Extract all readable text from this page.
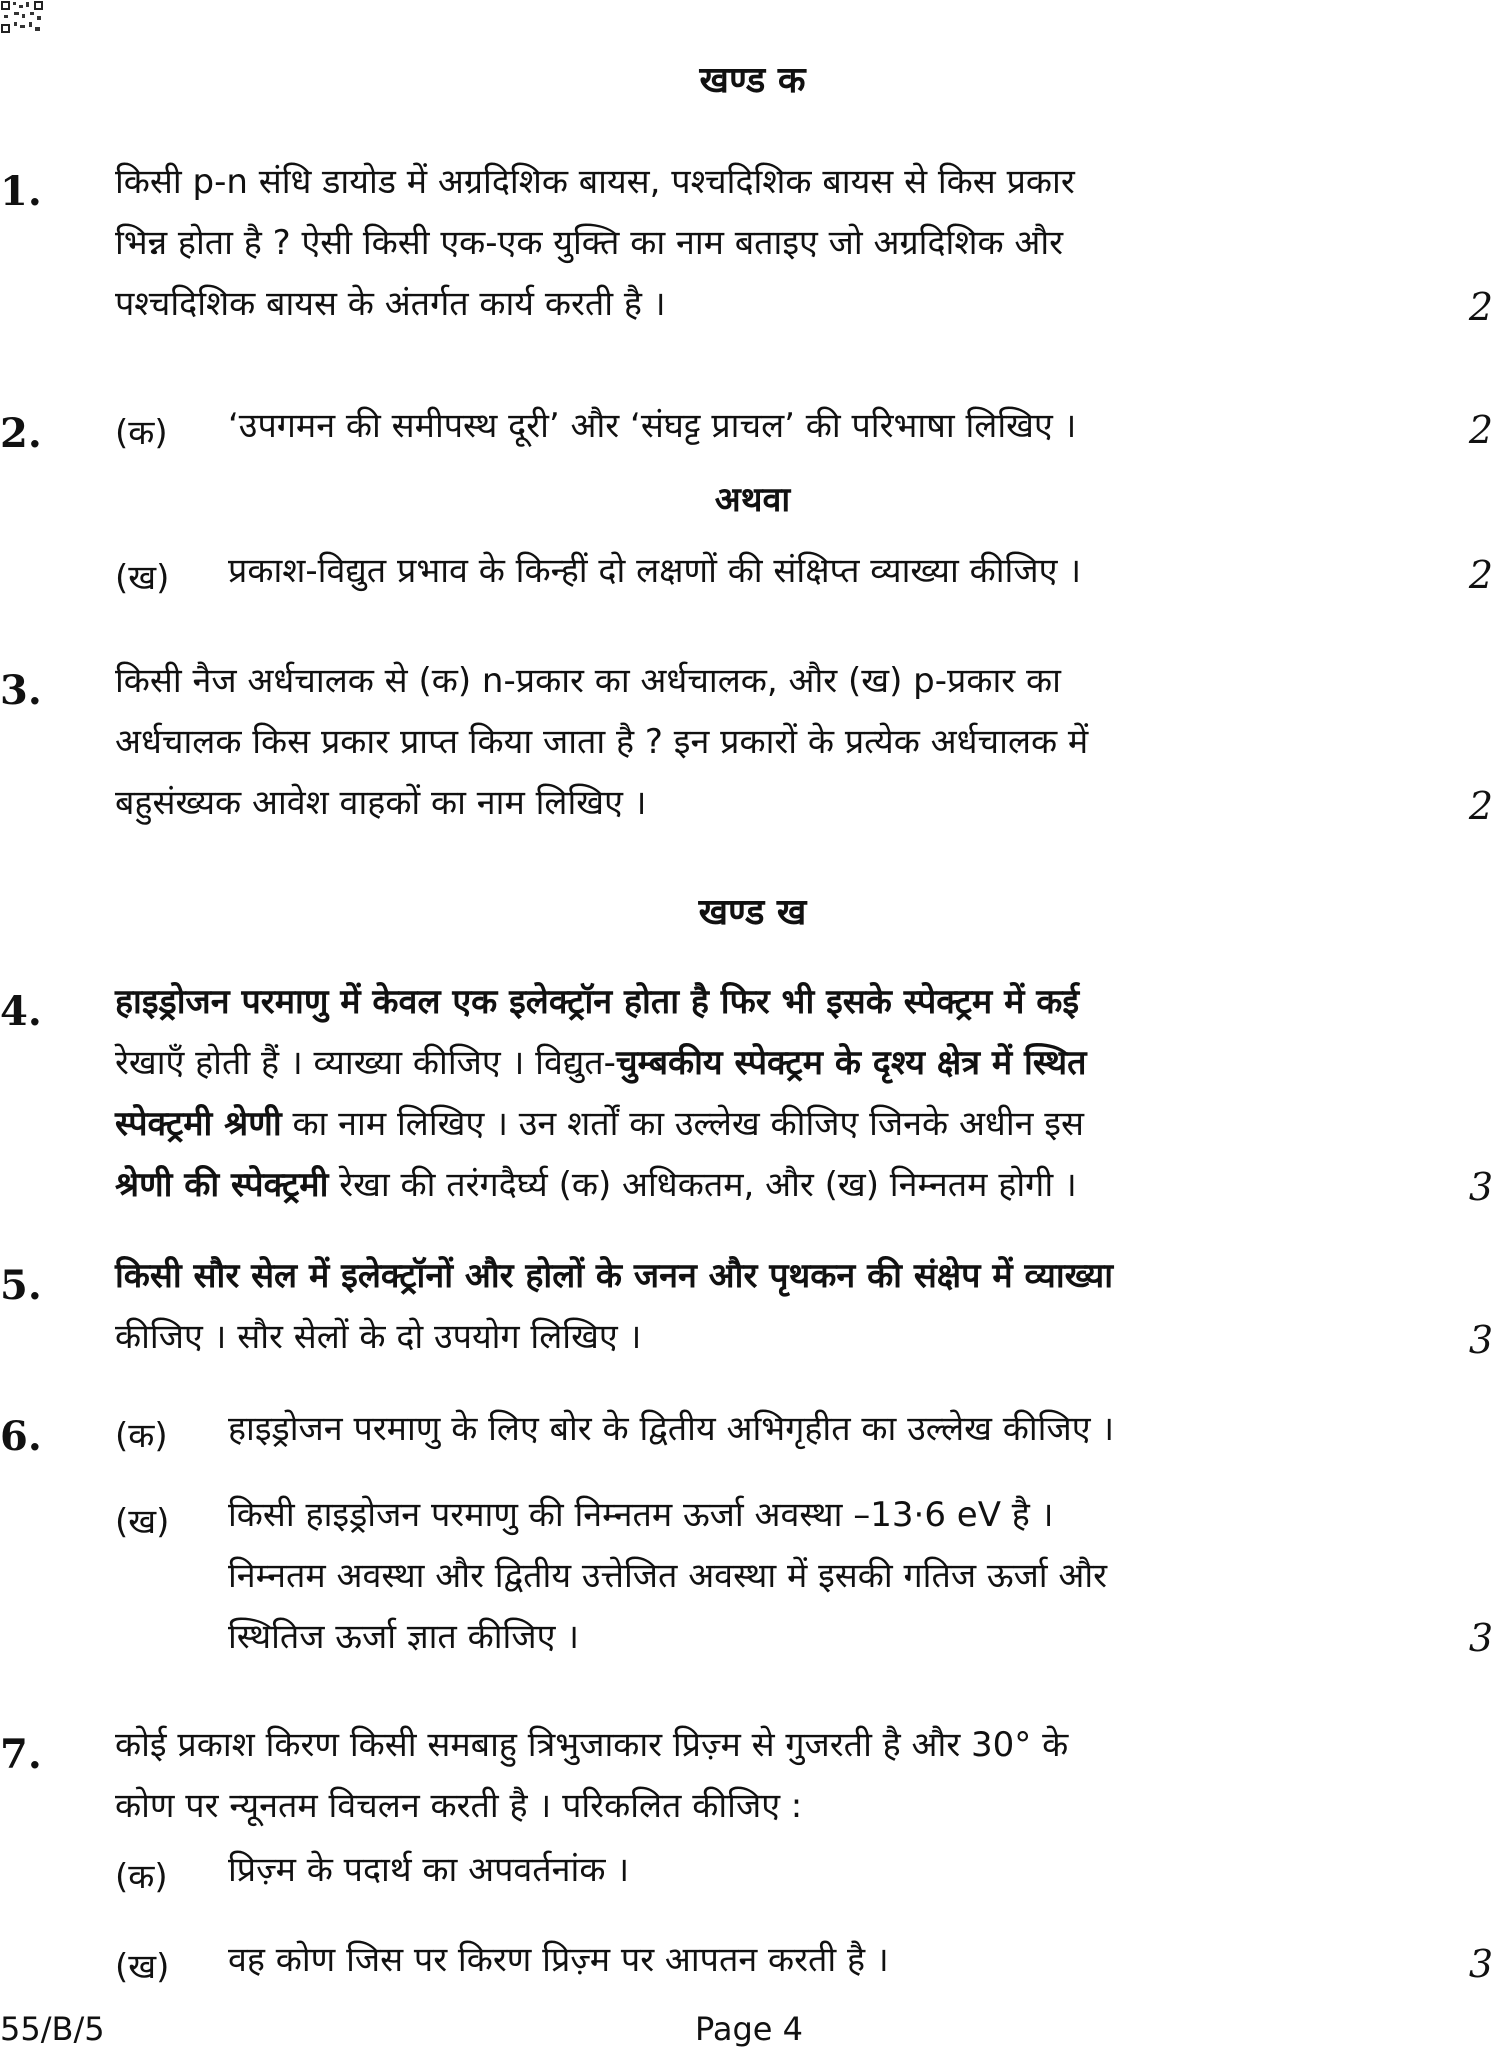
खण्ड क
1. किसी p-n संधि डायोड में अग्रदिशिक बायस, पश्चदिशिक बायस से किस प्रकार
भिन्न होता है ? ऐसी किसी एक-एक युक्ति का नाम बताइए जो अग्रदिशिक और
पश्चदिशिक बायस के अंतर्गत कार्य करती है ।	2
2. (क) ‘उपगमन की समीपस्थ दूरी’ और ‘संघट्ट प्राचल’ की परिभाषा लिखिए ।	2
अथवा
(ख) प्रकाश-विद्युत प्रभाव के किन्हीं दो लक्षणों की संक्षिप्त व्याख्या कीजिए ।	2
3. किसी नैज अर्धचालक से (क) n-प्रकार का अर्धचालक, और (ख) p-प्रकार का
अर्धचालक किस प्रकार प्राप्त किया जाता है ? इन प्रकारों के प्रत्येक अर्धचालक में
बहुसंख्यक आवेश वाहकों का नाम लिखिए ।	2
खण्ड ख
4. हाइड्रोजन परमाणु में केवल एक इलेक्ट्रॉन होता है फिर भी इसके स्पेक्ट्रम में कई
रेखाएँ होती हैं । व्याख्या कीजिए । विद्युत-चुम्बकीय स्पेक्ट्रम के दृश्य क्षेत्र में स्थित
स्पेक्ट्रमी श्रेणी का नाम लिखिए । उन शर्तों का उल्लेख कीजिए जिनके अधीन इस
श्रेणी की स्पेक्ट्रमी रेखा की तरंगदैर्घ्य (क) अधिकतम, और (ख) निम्नतम होगी ।	3
5. किसी सौर सेल में इलेक्ट्रॉनों और होलों के जनन और पृथकन की संक्षेप में व्याख्या
कीजिए । सौर सेलों के दो उपयोग लिखिए ।	3
6. (क) हाइड्रोजन परमाणु के लिए बोर के द्वितीय अभिगृहीत का उल्लेख कीजिए ।
(ख) किसी हाइड्रोजन परमाणु की निम्नतम ऊर्जा अवस्था –13·6 eV है ।
निम्नतम अवस्था और द्वितीय उत्तेजित अवस्था में इसकी गतिज ऊर्जा और
स्थितिज ऊर्जा ज्ञात कीजिए ।	3
7. कोई प्रकाश किरण किसी समबाहु त्रिभुजाकार प्रिज़्म से गुजरती है और 30° के
कोण पर न्यूनतम विचलन करती है । परिकलित कीजिए :
(क) प्रिज़्म के पदार्थ का अपवर्तनांक ।
(ख) वह कोण जिस पर किरण प्रिज़्म पर आपतन करती है ।	3
55/B/5	Page 4
